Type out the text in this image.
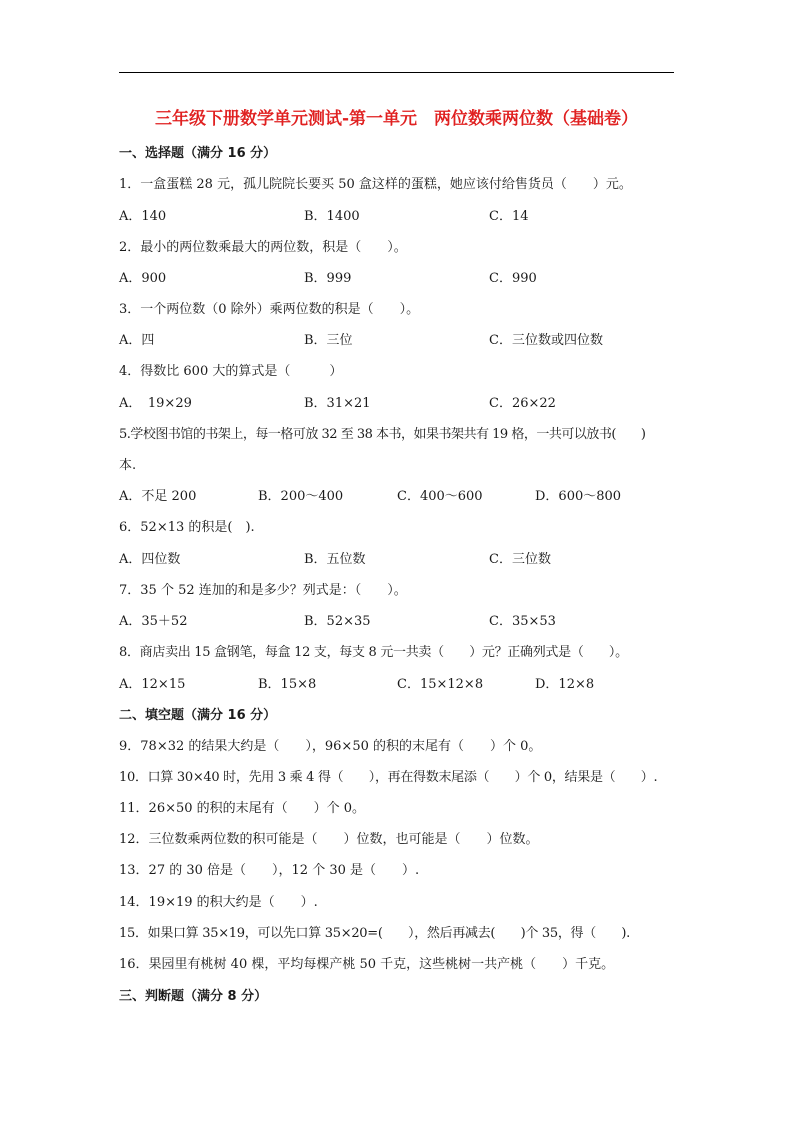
三年级下册数学单元测试-第一单元　两位数乘两位数（基础卷）
一、选择题（满分 16 分）
1．一盒蛋糕 28 元，孤儿院院长要买 50 盒这样的蛋糕，她应该付给售货员（　　）元。
A．140	B．1400	C．14
2．最小的两位数乘最大的两位数，积是（　　）。
A．900	B．999	C．990
3．一个两位数（0 除外）乘两位数的积是（　　）。
A．四	B．三位	C．三位数或四位数
4．得数比 600 大的算式是（　　　）
A．　19×29	B．31×21	C．26×22
5.学校图书馆的书架上，每一格可放 32 至 38 本书，如果书架共有 19 格，一共可以放书(　　)
本.
A．不足 200	B．200～400	C．400～600	D．600～800
6．52×13 的积是(　).
A．四位数	B．五位数	C．三位数
7．35 个 52 连加的和是多少？列式是：（　　）。
A．35＋52	B．52×35	C．35×53
8．商店卖出 15 盒钢笔，每盒 12 支，每支 8 元一共卖（　　）元？正确列式是（　　）。
A．12×15	B．15×8	C．15×12×8	D．12×8
二、填空题（满分 16 分）
9．78×32 的结果大约是（　　），96×50 的积的末尾有（　　）个 0。
10．口算 30×40 时，先用 3 乘 4 得（　　），再在得数末尾添（　　）个 0，结果是（　　）.
11．26×50 的积的末尾有（　　）个 0。
12．三位数乘两位数的积可能是（　　）位数，也可能是（　　）位数。
13．27 的 30 倍是（　　），12 个 30 是（　　）.
14．19×19 的积大约是（　　）.
15．如果口算 35×19，可以先口算 35×20=(　　），然后再减去(　　)个 35，得（　　).
16．果园里有桃树 40 棵，平均每棵产桃 50 千克，这些桃树一共产桃（　　）千克。
三、判断题（满分 8 分）
